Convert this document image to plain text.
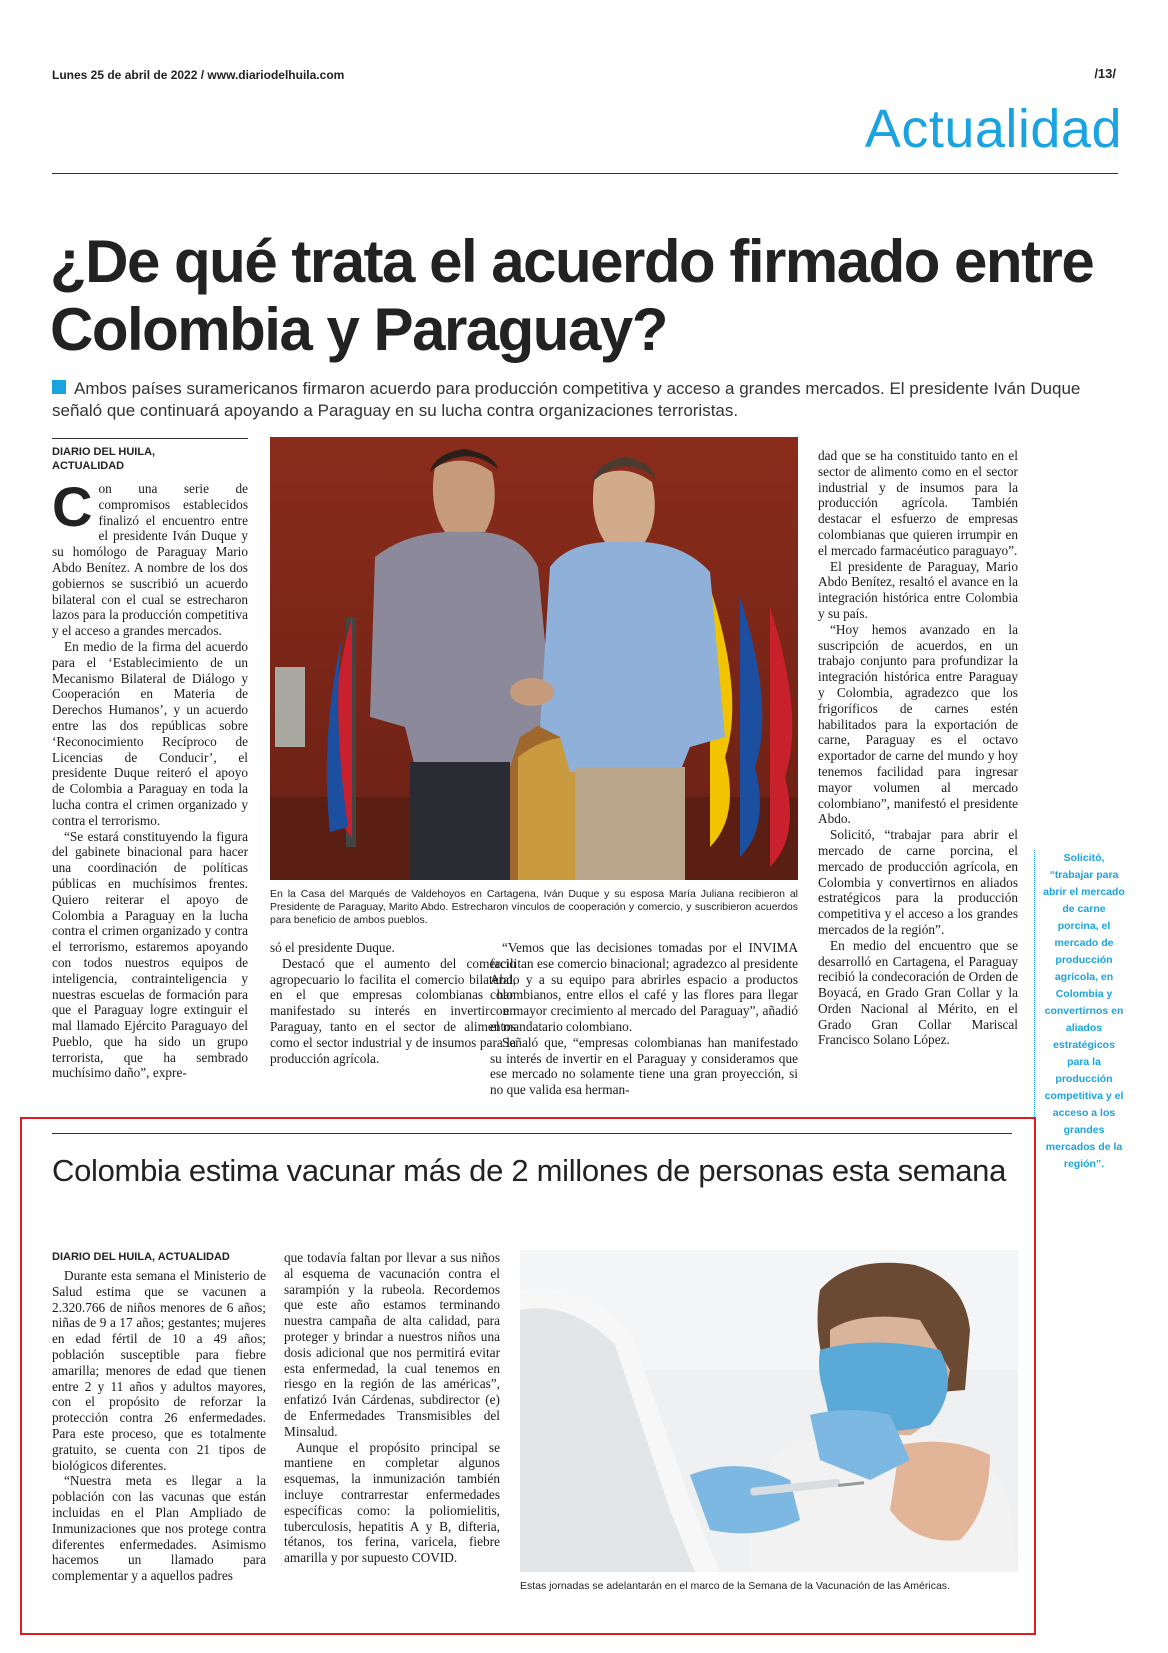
Lunes 25 de abril de 2022 / www.diariodelhuila.com	/13/
Actualidad
¿De qué trata el acuerdo firmado entre Colombia y Paraguay?
Ambos países suramericanos firmaron acuerdo para producción competitiva y acceso a grandes mercados. El presidente Iván Duque señaló que continuará apoyando a Paraguay en su lucha contra organizaciones terroristas.
DIARIO DEL HUILA,
ACTUALIDAD

Con una serie de compromisos establecidos finalizó el encuentro entre el presidente Iván Duque y su homólogo de Paraguay Mario Abdo Benítez. A nombre de los dos gobiernos se suscribió un acuerdo bilateral con el cual se estrecharon lazos para la producción competitiva y el acceso a grandes mercados.

En medio de la firma del acuerdo para el ‘Establecimiento de un Mecanismo Bilateral de Diálogo y Cooperación en Materia de Derechos Humanos’, y un acuerdo entre las dos repúblicas sobre ‘Reconocimiento Recíproco de Licencias de Conducir’, el presidente Duque reiteró el apoyo de Colombia a Paraguay en toda la lucha contra el crimen organizado y contra el terrorismo.

“Se estará constituyendo la figura del gabinete binacional para hacer una coordinación de políticas públicas en muchísimos frentes. Quiero reiterar el apoyo de Colombia a Paraguay en la lucha contra el crimen organizado y contra el terrorismo, estaremos apoyando con todos nuestros equipos de inteligencia, contrainteligencia y nuestras escuelas de formación para que el Paraguay logre extinguir el mal llamado Ejército Paraguayo del Pueblo, que ha sido un grupo terrorista, que ha sembrado muchísimo daño”, expre-

En la Casa del Marqués de Valdehoyos en Cartagena, Iván Duque y su esposa María Juliana recibieron al Presidente de Paraguay, Marito Abdo. Estrecharon vínculos de cooperación y comercio, y suscribieron acuerdos para beneficio de ambos pueblos.

só el presidente Duque.

Destacó que el aumento del comercio agropecuario lo facilita el comercio bilateral, en el que empresas colombianas han manifestado su interés en invertir en Paraguay, tanto en el sector de alimentos como el sector industrial y de insumos para la producción agrícola.

“Vemos que las decisiones tomadas por el INVIMA facilitan ese comercio binacional; agradezco al presidente Abdo y a su equipo para abrirles espacio a productos colombianos, entre ellos el café y las flores para llegar con mayor crecimiento al mercado del Paraguay”, añadió el mandatario colombiano.

Señaló que, “empresas colombianas han manifestado su interés de invertir en el Paraguay y consideramos que ese mercado no solamente tiene una gran proyección, si no que valida esa herman-

dad que se ha constituido tanto en el sector de alimento como en el sector industrial y de insumos para la producción agrícola. También destacar el esfuerzo de empresas colombianas que quieren irrumpir en el mercado farmacéutico paraguayo”.

El presidente de Paraguay, Mario Abdo Benítez, resaltó el avance en la integración histórica entre Colombia y su país.

“Hoy hemos avanzado en la suscripción de acuerdos, en un trabajo conjunto para profundizar la integración histórica entre Paraguay y Colombia, agradezco que los frigoríficos de carnes estén habilitados para la exportación de carne, Paraguay es el octavo exportador de carne del mundo y hoy tenemos facilidad para ingresar mayor volumen al mercado colombiano”, manifestó el presidente Abdo.

Solicitó, “trabajar para abrir el mercado de carne porcina, el mercado de producción agrícola, en Colombia y convertirnos en aliados estratégicos para la producción competitiva y el acceso a los grandes mercados de la región”.

En medio del encuentro que se desarrolló en Cartagena, el Paraguay recibió la condecoración de Orden de Boyacá, en Grado Gran Collar y la Orden Nacional al Mérito, en el Grado Gran Collar Mariscal Francisco Solano López.

Solicitó, “trabajar para abrir el mercado de carne porcina, el mercado de producción agrícola, en Colombia y convertirnos en aliados estratégicos para la producción competitiva y el acceso a los grandes mercados de la región”.
Colombia estima vacunar más de 2 millones de personas esta semana
DIARIO DEL HUILA, ACTUALIDAD

Durante esta semana el Ministerio de Salud estima que se vacunen a 2.320.766 de niños menores de 6 años; niñas de 9 a 17 años; gestantes; mujeres en edad fértil de 10 a 49 años; población susceptible para fiebre amarilla; menores de edad que tienen entre 2 y 11 años y adultos mayores, con el propósito de reforzar la protección contra 26 enfermedades. Para este proceso, que es totalmente gratuito, se cuenta con 21 tipos de biológicos diferentes.

“Nuestra meta es llegar a la población con las vacunas que están incluidas en el Plan Ampliado de Inmunizaciones que nos protege contra diferentes enfermedades. Asimismo hacemos un llamado para complementar y a aquellos padres

que todavía faltan por llevar a sus niños al esquema de vacunación contra el sarampión y la rubeola. Recordemos que este año estamos terminando nuestra campaña de alta calidad, para proteger y brindar a nuestros niños una dosis adicional que nos permitirá evitar esta enfermedad, la cual tenemos en riesgo en la región de las américas”, enfatizó Iván Cárdenas, subdirector (e) de Enfermedades Transmisibles del Minsalud.

Aunque el propósito principal se mantiene en completar algunos esquemas, la inmunización también incluye contrarrestar enfermedades específicas como: la poliomielitis, tuberculosis, hepatitis A y B, difteria, tétanos, tos ferina, varicela, fiebre amarilla y por supuesto COVID.

Estas jornadas se adelantarán en el marco de la Semana de la Vacunación de las Américas.
